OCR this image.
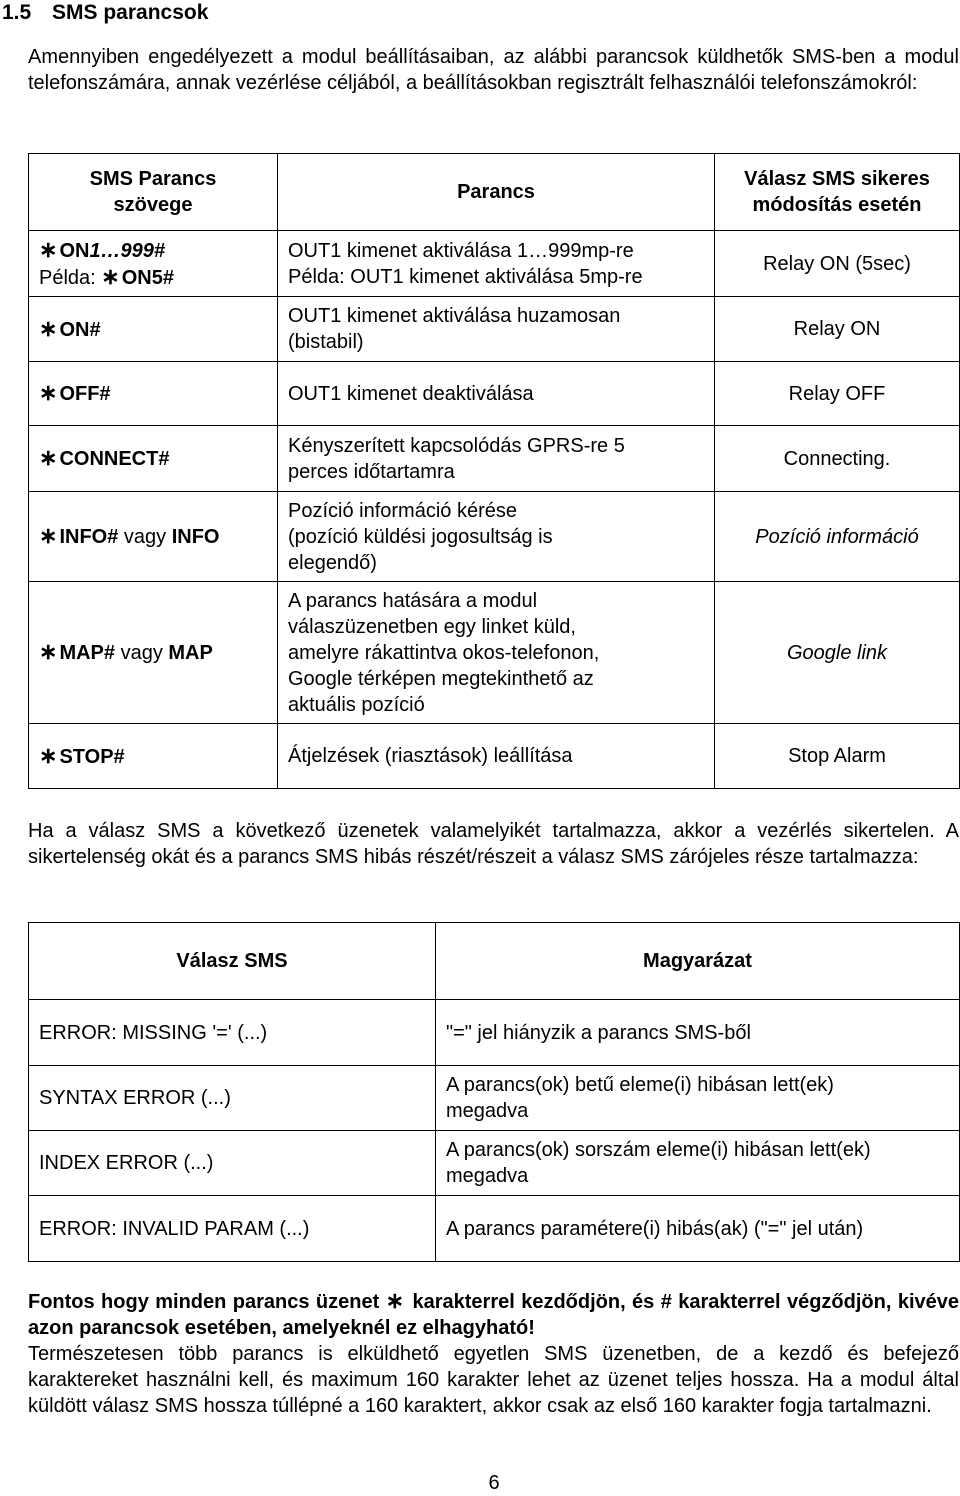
1.5 SMS parancsok

Amennyiben engedélyezett a modul beállításaiban, az alábbi parancsok küldhetők SMS-ben a modul telefonszámára, annak vezérlése céljából, a beállításokban regisztrált felhasználói telefonszámokról:

SMS Parancs
szövege	Parancs	Válasz SMS sikeres
módosítás esetén
∗ ON1…999#
Példa: ∗ ON5#	OUT1 kimenet aktiválása 1…999mp-re
Példa: OUT1 kimenet aktiválása 5mp-re	Relay ON (5sec)
∗ ON#	OUT1 kimenet aktiválása huzamosan
(bistabil)	Relay ON
∗ OFF#	OUT1 kimenet deaktiválása	Relay OFF
∗ CONNECT#	Kényszerített kapcsolódás GPRS-re 5
perces időtartamra	Connecting.
∗ INFO# vagy INFO	Pozíció információ kérése
(pozíció küldési jogosultság is
elegendő)	Pozíció információ
∗ MAP# vagy MAP	A parancs hatására a modul
válaszüzenetben egy linket küld,
amelyre rákattintva okos-telefonon,
Google térképen megtekinthető az
aktuális pozíció	Google link
∗ STOP#	Átjelzések (riasztások) leállítása	Stop Alarm

Ha a válasz SMS a következő üzenetek valamelyikét tartalmazza, akkor a vezérlés sikertelen. A sikertelenség okát és a parancs SMS hibás részét/részeit a válasz SMS zárójeles része tartalmazza:

Válasz SMS	Magyarázat
ERROR: MISSING '=' (...)	"=" jel hiányzik a parancs SMS-ből
SYNTAX ERROR (...)	A parancs(ok) betű eleme(i) hibásan lett(ek)
megadva
INDEX ERROR (...)	A parancs(ok) sorszám eleme(i) hibásan lett(ek)
megadva
ERROR: INVALID PARAM (...)	A parancs paramétere(i) hibás(ak) ("=" jel után)

Fontos hogy minden parancs üzenet ∗ karakterrel kezdődjön, és # karakterrel végződjön, kivéve azon parancsok esetében, amelyeknél ez elhagyható!

Természetesen több parancs is elküldhető egyetlen SMS üzenetben, de a kezdő és befejező karaktereket használni kell, és maximum 160 karakter lehet az üzenet teljes hossza. Ha a modul által küldött válasz SMS hossza túllépné a 160 karaktert, akkor csak az első 160 karakter fogja tartalmazni.

6
